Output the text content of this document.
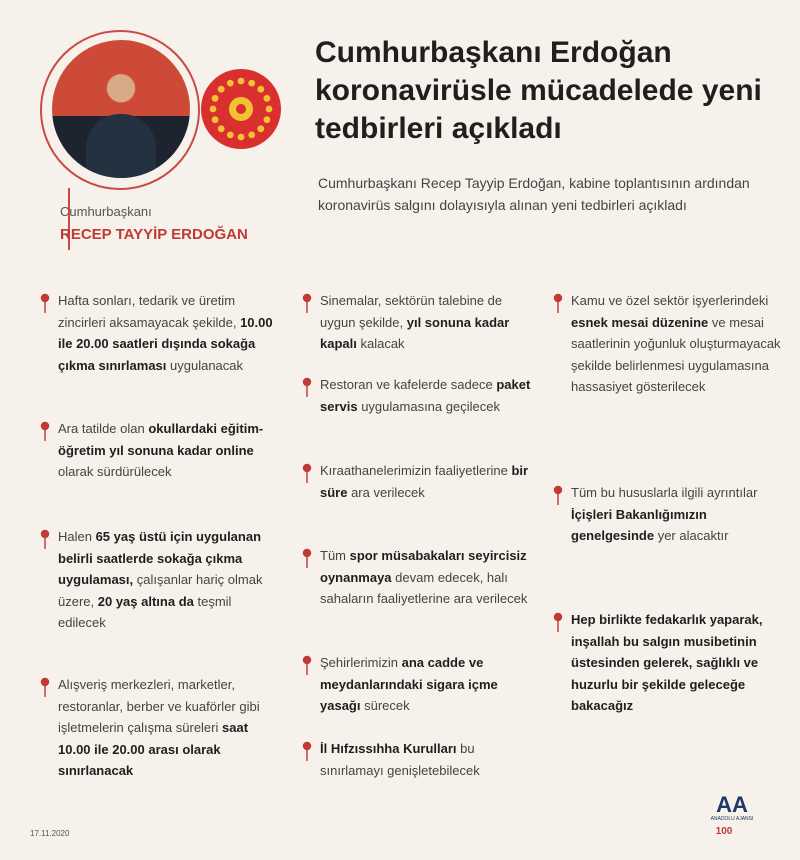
Cumhurbaşkanı
RECEP TAYYİP ERDOĞAN
Cumhurbaşkanı Erdoğan koronavirüsle mücadelede yeni tedbirleri açıkladı

Cumhurbaşkanı Recep Tayyip Erdoğan, kabine toplantısının ardından koronavirüs salgını dolayısıyla alınan yeni tedbirleri açıkladı

Hafta sonları, tedarik ve üretim zincirleri aksamayacak şekilde, 10.00 ile 20.00 saatleri dışında sokağa çıkma sınırlaması uygulanacak
Ara tatilde olan okullardaki eğitim-öğretim yıl sonuna kadar online olarak sürdürülecek
Halen 65 yaş üstü için uygulanan belirli saatlerde sokağa çıkma uygulaması, çalışanlar hariç olmak üzere, 20 yaş altına da teşmil edilecek
Alışveriş merkezleri, marketler, restoranlar, berber ve kuaförler gibi işletmelerin çalışma süreleri saat 10.00 ile 20.00 arası olarak sınırlanacak
Sinemalar, sektörün talebine de uygun şekilde, yıl sonuna kadar kapalı kalacak
Restoran ve kafelerde sadece paket servis uygulamasına geçilecek
Kıraathanelerimizin faaliyetlerine bir süre ara verilecek
Tüm spor müsabakaları seyircisiz oynanmaya devam edecek, halı sahaların faaliyetlerine ara verilecek
Şehirlerimizin ana cadde ve meydanlarındaki sigara içme yasağı sürecek
İl Hıfzıssıhha Kurulları bu sınırlamayı genişletebilecek
Kamu ve özel sektör işyerlerindeki esnek mesai düzenine ve mesai saatlerinin yoğunluk oluşturmayacak şekilde belirlenmesi uygulamasına hassasiyet gösterilecek
Tüm bu hususlarla ilgili ayrıntılar İçişleri Bakanlığımızın genelgesinde yer alacaktır
Hep birlikte fedakarlık yaparak, inşallah bu salgın musibetinin üstesinden gelerek, sağlıklı ve huzurlu bir şekilde geleceğe bakacağız
17.11.2020
AA
ANADOLU AJANSI
100
